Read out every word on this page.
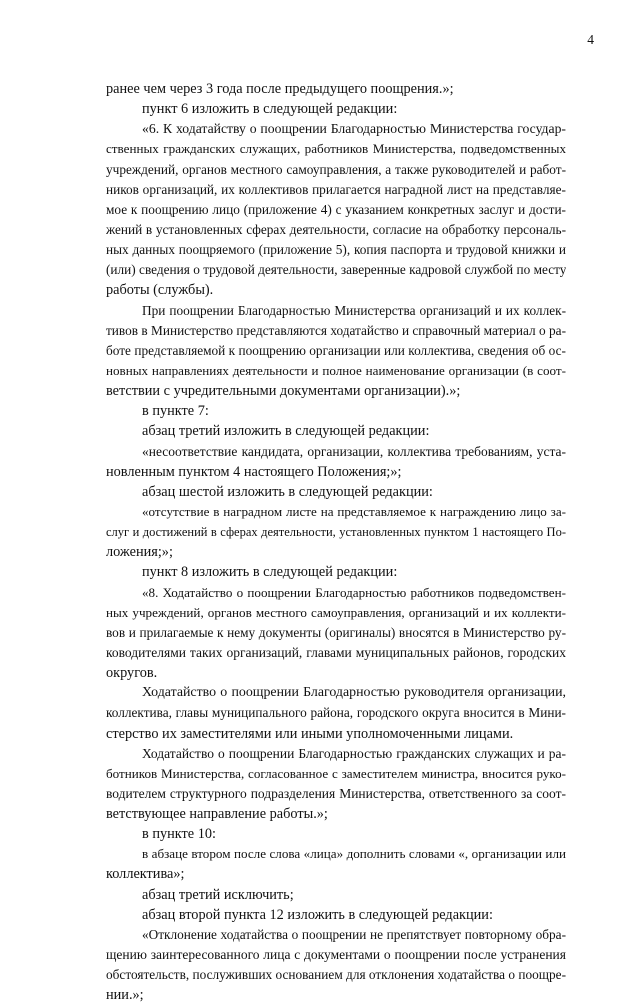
4
ранее чем через 3 года после предыдущего поощрения.»;
пункт 6 изложить в следующей редакции:
«6. К ходатайству о поощрении Благодарностью Министерства государ-
ственных гражданских служащих, работников Министерства, подведомственных
учреждений, органов местного самоуправления, а также руководителей и работ-
ников организаций, их коллективов прилагается наградной лист на представляе-
мое к поощрению лицо (приложение 4) с указанием конкретных заслуг и дости-
жений в установленных сферах деятельности, согласие на обработку персональ-
ных данных поощряемого (приложение 5), копия паспорта и трудовой книжки и
(или) сведения о трудовой деятельности, заверенные кадровой службой по месту
работы (службы).
При поощрении Благодарностью Министерства организаций и их коллек-
тивов в Министерство представляются ходатайство и справочный материал о ра-
боте представляемой к поощрению организации или коллектива, сведения об ос-
новных направлениях деятельности и полное наименование организации (в соот-
ветствии с учредительными документами организации).»;
в пункте 7:
абзац третий изложить в следующей редакции:
«несоответствие кандидата, организации, коллектива требованиям, уста-
новленным пунктом 4 настоящего Положения;»;
абзац шестой изложить в следующей редакции:
«отсутствие в наградном листе на представляемое к награждению лицо за-
слуг и достижений в сферах деятельности, установленных пунктом 1 настоящего По-
ложения;»;
пункт 8 изложить в следующей редакции:
«8. Ходатайство о поощрении Благодарностью работников подведомствен-
ных учреждений, органов местного самоуправления, организаций и их коллекти-
вов и прилагаемые к нему документы (оригиналы) вносятся в Министерство ру-
ководителями таких организаций, главами муниципальных районов, городских
округов.
Ходатайство о поощрении Благодарностью руководителя организации,
коллектива, главы муниципального района, городского округа вносится в Мини-
стерство их заместителями или иными уполномоченными лицами.
Ходатайство о поощрении Благодарностью гражданских служащих и ра-
ботников Министерства, согласованное с заместителем министра, вносится руко-
водителем структурного подразделения Министерства, ответственного за соот-
ветствующее направление работы.»;
в пункте 10:
в абзаце втором после слова «лица» дополнить словами «, организации или
коллектива»;
абзац третий исключить;
абзац второй пункта 12 изложить в следующей редакции:
«Отклонение ходатайства о поощрении не препятствует повторному обра-
щению заинтересованного лица с документами о поощрении после устранения
обстоятельств, послуживших основанием для отклонения ходатайства о поощре-
нии.»;
